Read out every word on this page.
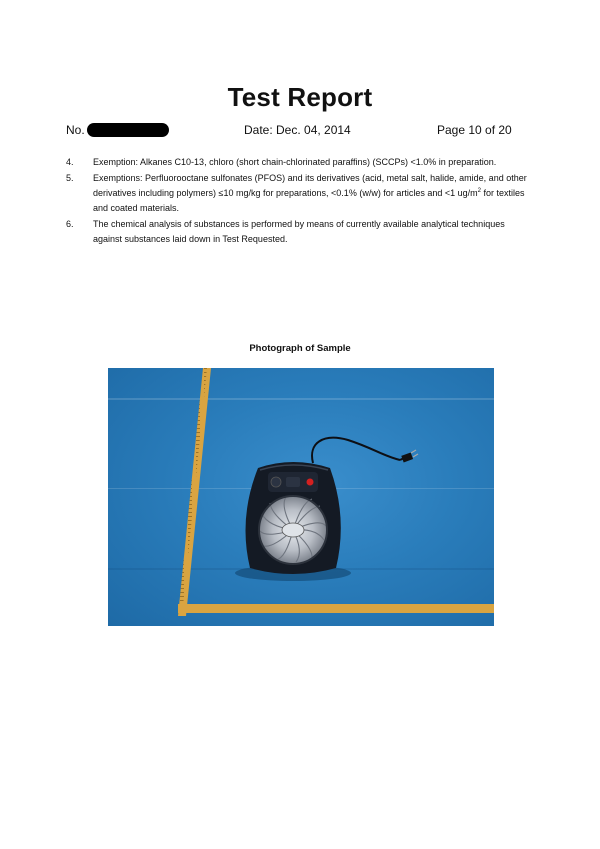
Test Report
No.	Date: Dec. 04, 2014	Page 10 of 20
4.	Exemption: Alkanes C10-13, chloro (short chain-chlorinated paraffins) (SCCPs) <1.0% in preparation.
5.	Exemptions: Perfluorooctane sulfonates (PFOS) and its derivatives (acid, metal salt, halide, amide, and other derivatives including polymers) ≤10 mg/kg for preparations, <0.1% (w/w) for articles and <1 $ug/m^2$ for textiles and coated materials.
6.	The chemical analysis of substances is performed by means of currently available analytical techniques against substances laid down in Test Requested.
Photograph of Sample
